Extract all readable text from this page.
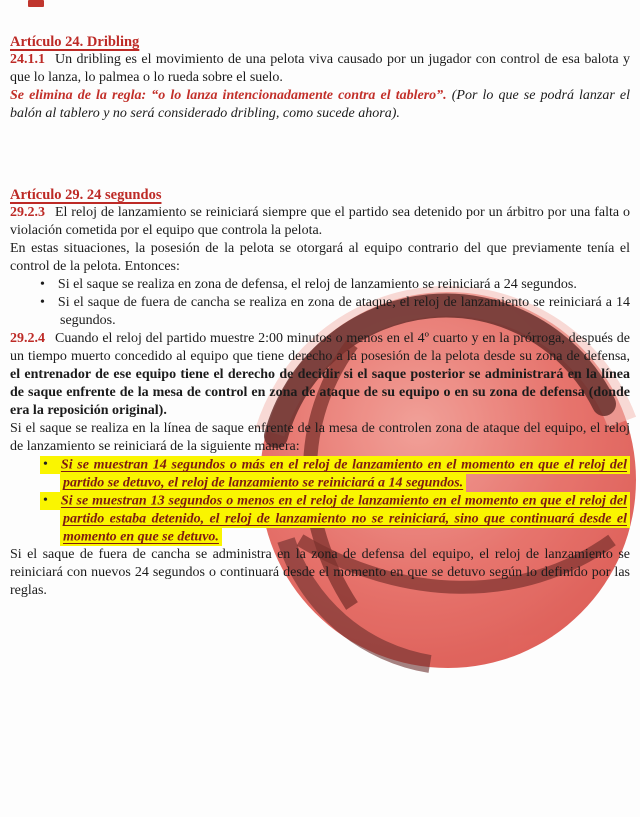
Artículo 24. Dribling

24.1.1 Un dribling es el movimiento de una pelota viva causado por un jugador con control de esa balota y que lo lanza, lo palmea o lo rueda sobre el suelo.

Se elimina de la regla: “o lo lanza intencionadamente contra el tablero”. (Por lo que se podrá lanzar el balón al tablero y no será considerado dribling, como sucede ahora).

Artículo 29. 24 segundos

29.2.3 El reloj de lanzamiento se reiniciará siempre que el partido sea detenido por un árbitro por una falta o violación cometida por el equipo que controla la pelota.

En estas situaciones, la posesión de la pelota se otorgará al equipo contrario del que previamente tenía el control de la pelota. Entonces:

• Si el saque se realiza en zona de defensa, el reloj de lanzamiento se reiniciará a 24 segundos.

• Si el saque de fuera de cancha se realiza en zona de ataque, el reloj de lanzamiento se reiniciará a 14 segundos.

29.2.4 Cuando el reloj del partido muestre 2:00 minutos o menos en el 4º cuarto y en la prórroga, después de un tiempo muerto concedido al equipo que tiene derecho a la posesión de la pelota desde su zona de defensa, el entrenador de ese equipo tiene el derecho de decidir si el saque posterior se administrará en la línea de saque enfrente de la mesa de control en zona de ataque de su equipo o en su zona de defensa (donde era la reposición original).

Si el saque se realiza en la línea de saque enfrente de la mesa de controlen zona de ataque del equipo, el reloj de lanzamiento se reiniciará de la siguiente manera:

• Si se muestran 14 segundos o más en el reloj de lanzamiento en el momento en que el reloj del partido se detuvo, el reloj de lanzamiento se reiniciará a 14 segundos.

• Si se muestran 13 segundos o menos en el reloj de lanzamiento en el momento en que el reloj del partido estaba detenido, el reloj de lanzamiento no se reiniciará, sino que continuará desde el momento en que se detuvo.

Si el saque de fuera de cancha se administra en la zona de defensa del equipo, el reloj de lanzamiento se reiniciará con nuevos 24 segundos o continuará desde el momento en que se detuvo según lo definido por las reglas.
